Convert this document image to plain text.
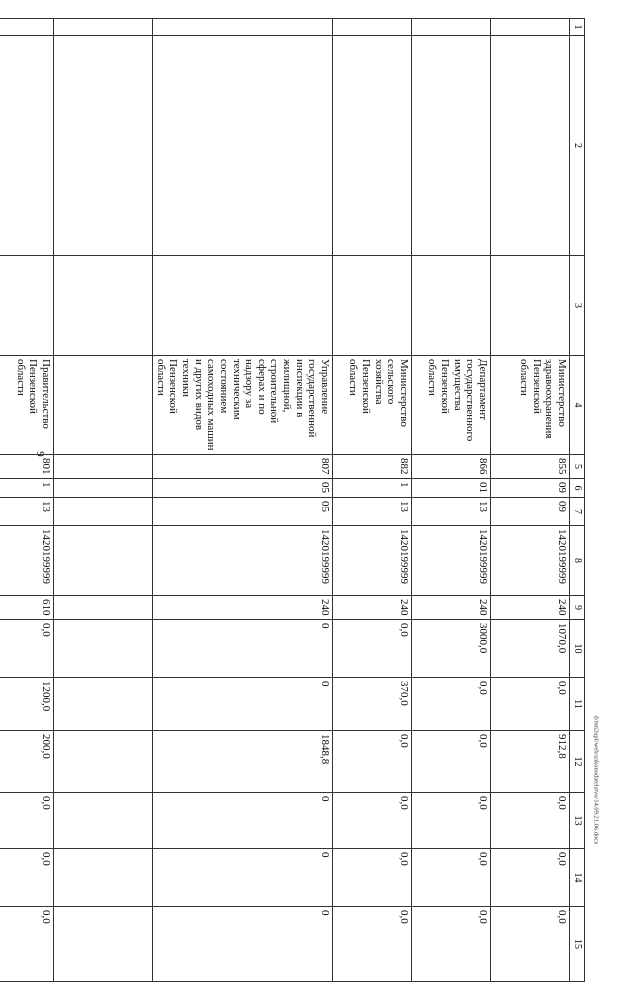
9
d/mn2upf/web/zakonodatelstvo/14.09.21.06.docx
1	2	3	4	5	6	7	8	9	10	11	12	13	14	15
			Министерство здравоохранения Пензенской области	855	09	09	1420199999	240	1070,0	0,0	912,8	0,0	0,0	0,0
			Департамент государственного имущества Пензенской области	866	01	13	1420199999	240	3000,0	0,0	0,0	0,0	0,0	0,0
			Министерство сельского хозяйства Пензенской области	882	1	13	1420199999	240	0,0	370,0	0,0	0,0	0,0	0,0
			Управление государственной инспекции в жилищной, строительной сферах и по надзору за техническим состоянием самоходных машин и других видов техники Пензенской области	807	05	05	1420199999	240	0	0	1848,8	0	0	0

			Правительство Пензенской области	801	1	13	1420199999	610	0,0	1200,0	200,0	0,0	0,0	0,0
